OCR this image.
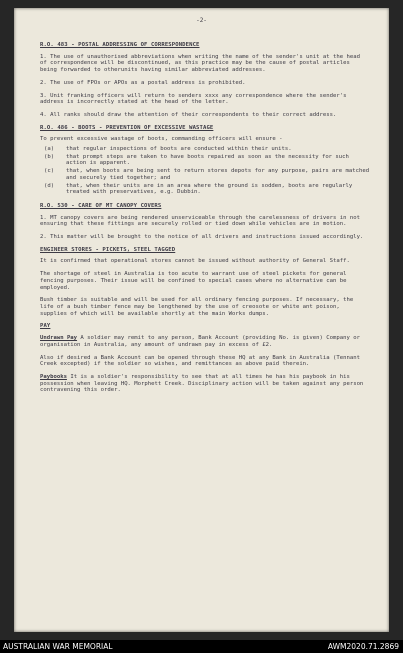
-2-
R.O. 483 - POSTAL ADDRESSING OF CORRESPONDENCE
1. The use of unauthorised abbreviations when writing the name of the sender's unit at the head of correspondence will be discontinued, as this practice may be the cause of postal articles being forwarded to otherunits having similar abbreviated addresses.
2. The use of FPOs or APOs as a postal address is prohibited.
3. Unit franking officers will return to senders xxxx any correspondence where the sender's address is incorrectly stated at the head of the letter.
4. All ranks should draw the attention of their correspondents to their correct address.
R.O. 486 - BOOTS - PREVENTION OF EXCESSIVE WASTAGE
To prevent excessive wastage of boots, commanding officers will ensure -
(a)	that regular inspections of boots are conducted within their units.
(b)	that prompt steps are taken to have boots repaired as soon as the necessity for such action is apparent.
(c)	that, when boots are being sent to return stores depots for any purpose, pairs are matched and securely tied together; and
(d)	that, when their units are in an area where the ground is sodden, boots are regularly treated with preservatives, e.g. Dubbin.
R.O. 530 - CARE OF MT CANOPY COVERS
1. MT canopy covers are being rendered unserviceable through the carelessness of drivers in not ensuring that these fittings are securely rolled or tied down while vehicles are in motion.
2. This matter will be brought to the notice of all drivers and instructions issued accordingly.
ENGINEER STORES - PICKETS, STEEL TAGGED
It is confirmed that operational stores cannot be issued without authority of General Staff.
The shortage of steel in Australia is too acute to warrant use of steel pickets for general fencing purposes. Their issue will be confined to special cases where no alternative can be employed.
Bush timber is suitable and will be used for all ordinary fencing purposes. If necessary, the life of a bush timber fence may be lengthened by the use of creosote or white ant poison, supplies of which will be available shortly at the main Works dumps.
PAY
Undrawn Pay A soldier may remit to any person, Bank Account (providing No. is given) Company or organisation in Australia, any amount of undrawn pay in excess of £2.
Also if desired a Bank Account can be opened through these HQ at any Bank in Australia (Tennant Creek excepted) if the soldier so wishes, and remittances as above paid therein.
Paybooks It is a soldier's responsibility to see that at all times he has his paybook in his possession when leaving HQ. Morphett Creek. Disciplinary action will be taken against any person contravening this order.
AUSTRALIAN WAR MEMORIAL	AWM2020.71.2869
